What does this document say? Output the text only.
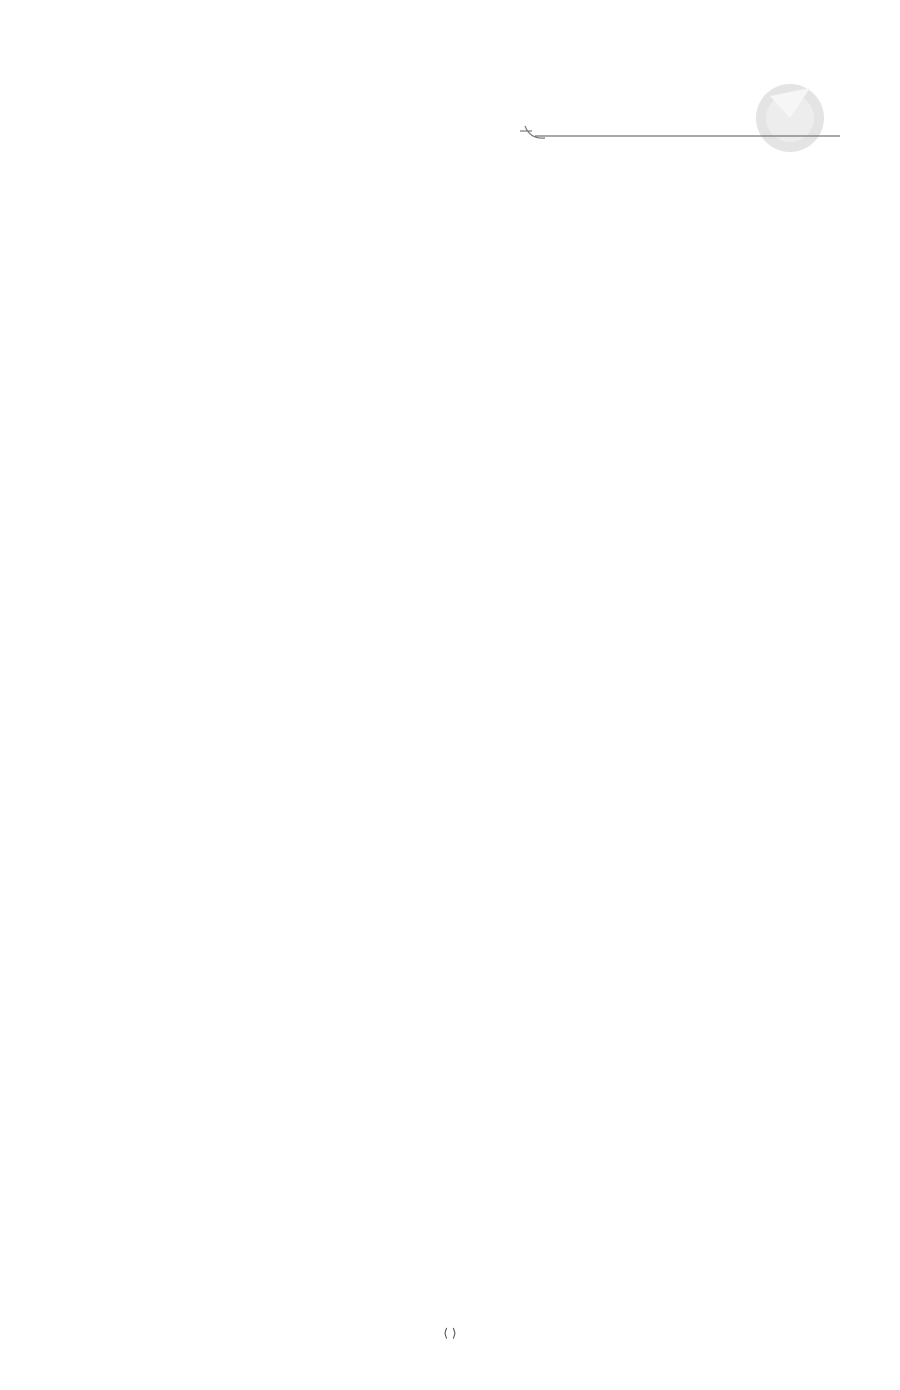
⟨ ⟩
